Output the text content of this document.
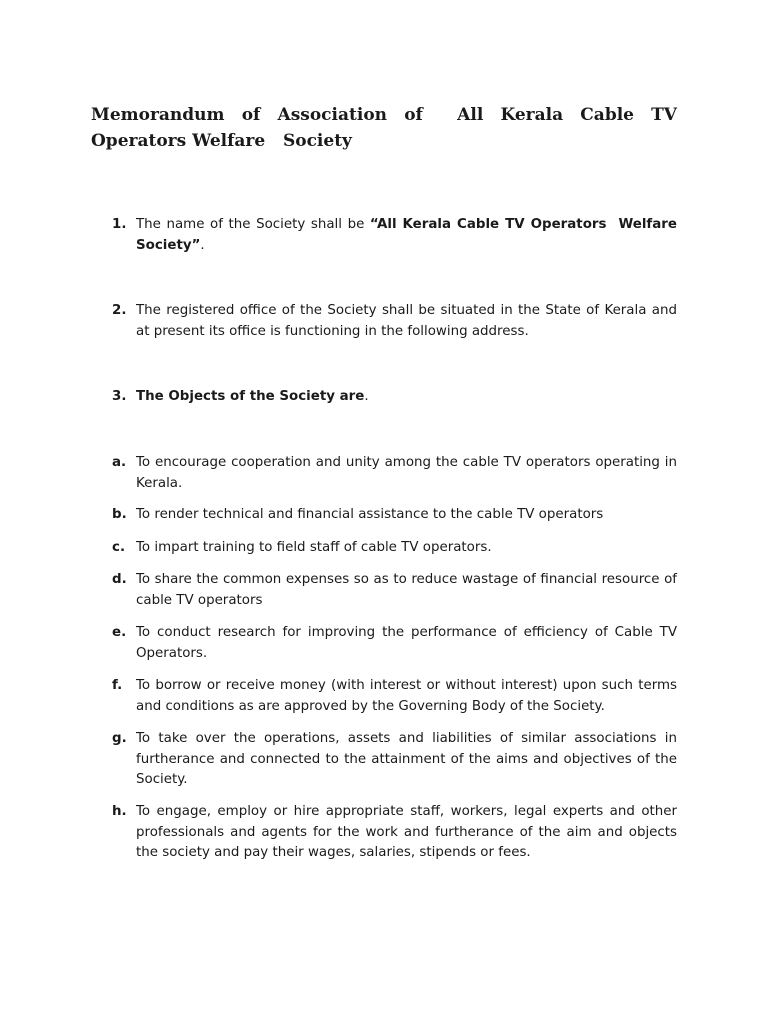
Memorandum of Association of  All Kerala Cable TV Operators Welfare   Society
1. The name of the Society shall be “All Kerala Cable TV Operators  Welfare Society”.
2. The registered office of the Society shall be situated in the State of Kerala and at present its office is functioning in the following address.
3. The Objects of the Society are.
a. To encourage cooperation and unity among the cable TV operators operating in Kerala.
b. To render technical and financial assistance to the cable TV operators
c. To impart training to field staff of cable TV operators.
d. To share the common expenses so as to reduce wastage of financial resource of cable TV operators
e. To conduct research for improving the performance of efficiency of Cable TV Operators.
f.	To borrow or receive money (with interest or without interest) upon such terms and conditions as are approved by the Governing Body of the Society.
g. To take over the operations, assets and liabilities of similar associations in furtherance and connected to the attainment of the aims and objectives of the Society.
h. To engage, employ or hire appropriate staff, workers, legal experts and other professionals and agents for the work and furtherance of the aim and objects the society and pay their wages, salaries, stipends or fees.
